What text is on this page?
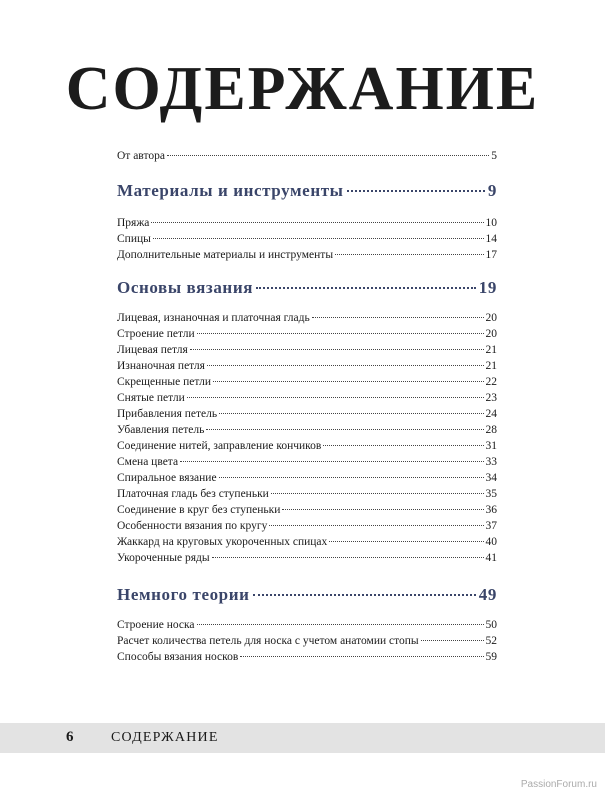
СОДЕРЖАНИЕ
От автора	5
Материалы и инструменты	9
Пряжа	10
Спицы	14
Дополнительные материалы и инструменты	17
Основы вязания	19
Лицевая, изнаночная и платочная гладь	20
Строение петли	20
Лицевая петля	21
Изнаночная петля	21
Скрещенные петли	22
Снятые петли	23
Прибавления петель	24
Убавления петель	28
Соединение нитей, заправление кончиков	31
Смена цвета	33
Спиральное вязание	34
Платочная гладь без ступеньки	35
Соединение в круг без ступеньки	36
Особенности вязания по кругу	37
Жаккард на круговых укороченных спицах	40
Укороченные ряды	41
Немного теории	49
Строение носка	50
Расчет количества петель для носка с учетом анатомии стопы	52
Способы вязания носков	59
6	СОДЕРЖАНИЕ
PassionForum.ru
